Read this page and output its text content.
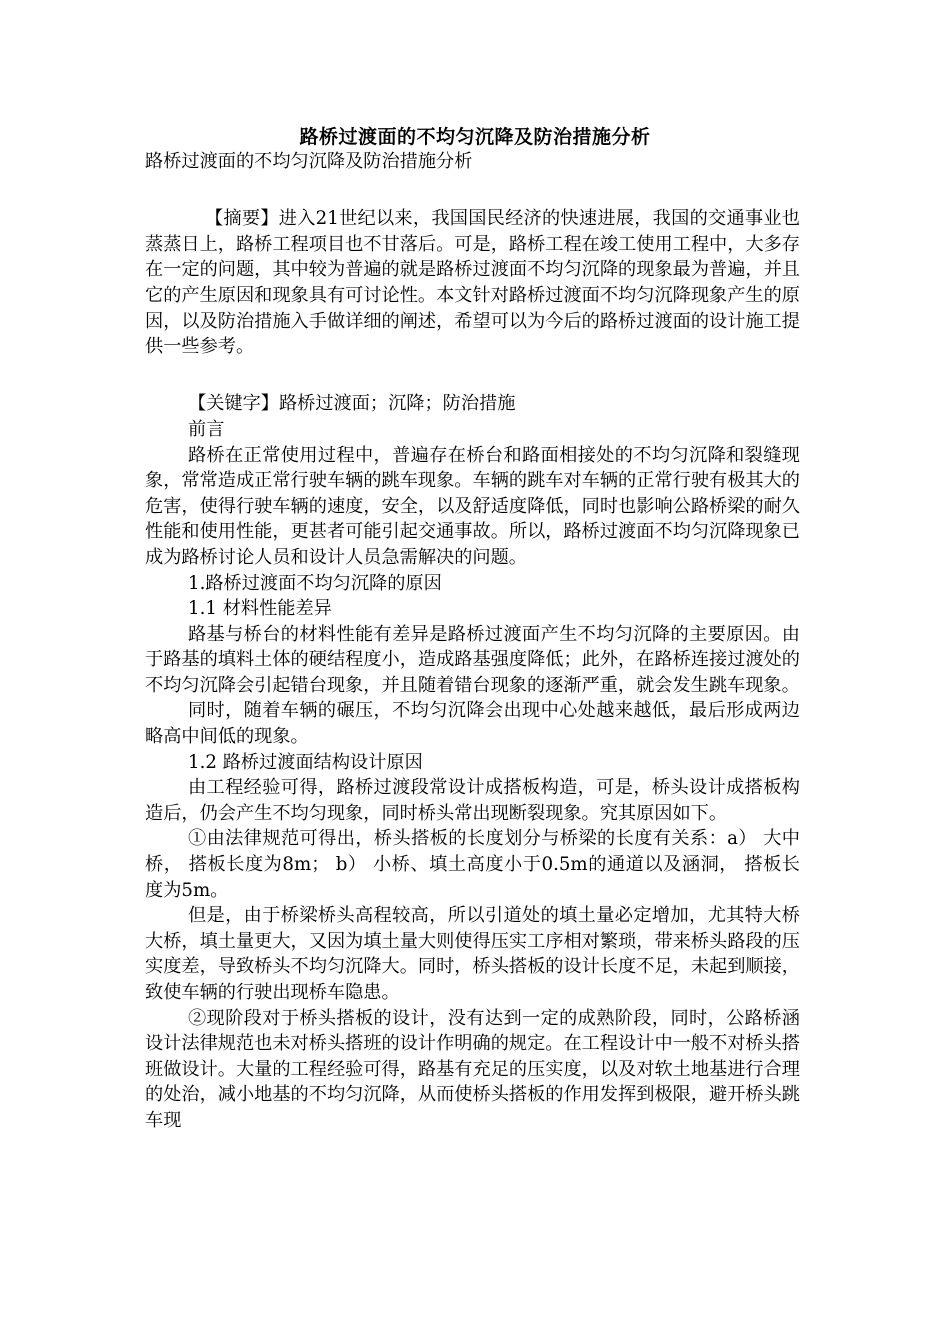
路桥过渡面的不均匀沉降及防治措施分析

路桥过渡面的不均匀沉降及防治措施分析

【摘要】进入21世纪以来，我国国民经济的快速进展，我国的交通事业也蒸蒸日上，路桥工程项目也不甘落后。可是，路桥工程在竣工使用工程中，大多存在一定的问题，其中较为普遍的就是路桥过渡面不均匀沉降的现象最为普遍，并且它的产生原因和现象具有可讨论性。本文针对路桥过渡面不均匀沉降现象产生的原因，以及防治措施入手做详细的阐述，希望可以为今后的路桥过渡面的设计施工提供一些参考。

【关键字】路桥过渡面；沉降；防治措施

前言

路桥在正常使用过程中，普遍存在桥台和路面相接处的不均匀沉降和裂缝现象，常常造成正常行驶车辆的跳车现象。车辆的跳车对车辆的正常行驶有极其大的危害，使得行驶车辆的速度，安全，以及舒适度降低，同时也影响公路桥梁的耐久性能和使用性能，更甚者可能引起交通事故。所以，路桥过渡面不均匀沉降现象已成为路桥讨论人员和设计人员急需解决的问题。

1.路桥过渡面不均匀沉降的原因

1.1 材料性能差异

路基与桥台的材料性能有差异是路桥过渡面产生不均匀沉降的主要原因。由于路基的填料土体的硬结程度小，造成路基强度降低；此外，在路桥连接过渡处的不均匀沉降会引起错台现象，并且随着错台现象的逐渐严重，就会发生跳车现象。

同时，随着车辆的碾压，不均匀沉降会出现中心处越来越低，最后形成两边略高中间低的现象。

1.2 路桥过渡面结构设计原因

由工程经验可得，路桥过渡段常设计成搭板构造，可是，桥头设计成搭板构造后，仍会产生不均匀现象，同时桥头常出现断裂现象。究其原因如下。

①由法律规范可得出，桥头搭板的长度划分与桥梁的长度有关系：a） 大中桥， 搭板长度为8m； b） 小桥、填土高度小于0.5m的通道以及涵洞， 搭板长度为5m。

但是，由于桥梁桥头高程较高，所以引道处的填土量必定增加，尤其特大桥大桥，填土量更大，又因为填土量大则使得压实工序相对繁琐，带来桥头路段的压实度差，导致桥头不均匀沉降大。同时，桥头搭板的设计长度不足，未起到顺接，致使车辆的行驶出现桥车隐患。

②现阶段对于桥头搭板的设计，没有达到一定的成熟阶段，同时，公路桥涵设计法律规范也未对桥头搭班的设计作明确的规定。在工程设计中一般不对桥头搭班做设计。大量的工程经验可得，路基有充足的压实度，以及对软土地基进行合理的处治，减小地基的不均匀沉降，从而使桥头搭板的作用发挥到极限，避开桥头跳车现
